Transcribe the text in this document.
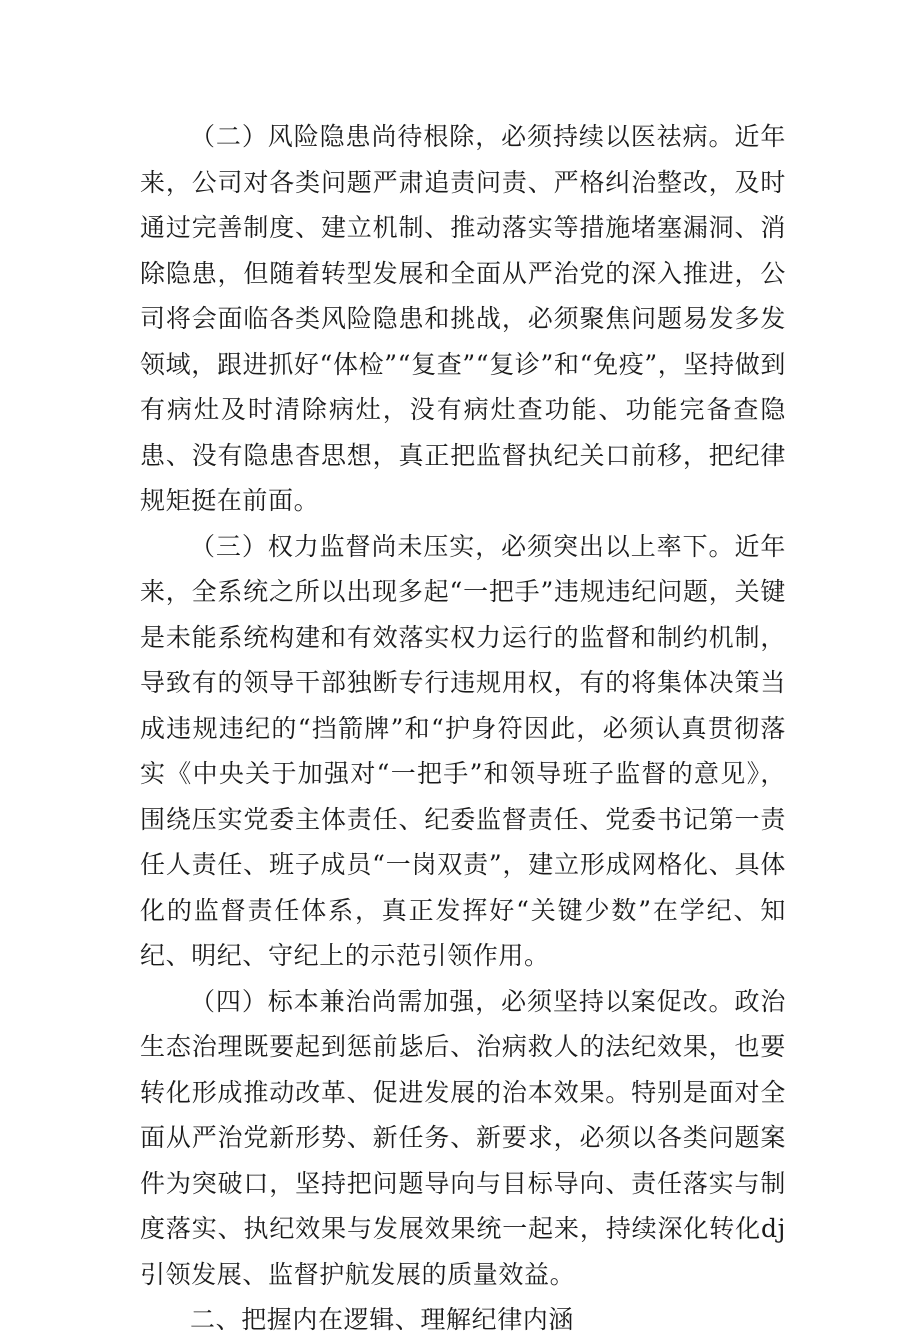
（二）风险隐患尚待根除，必须持续以医祛病。近年来，公司对各类问题严肃追责问责、严格纠治整改，及时通过完善制度、建立机制、推动落实等措施堵塞漏洞、消除隐患，但随着转型发展和全面从严治党的深入推进，公司将会面临各类风险隐患和挑战，必须聚焦问题易发多发领域，跟进抓好“体检”“复查”“复诊”和“免疫”，坚持做到有病灶及时清除病灶，没有病灶查功能、功能完备查隐患、没有隐患杳思想，真正把监督执纪关口前移，把纪律规矩挺在前面。

（三）权力监督尚未压实，必须突出以上率下。近年来，全系统之所以出现多起“一把手”违规违纪问题，关键是未能系统构建和有效落实权力运行的监督和制约机制，导致有的领导干部独断专行违规用权，有的将集体决策当成违规违纪的“挡箭牌”和“护身符因此，必须认真贯彻落实《中央关于加强对“一把手”和领导班子监督的意见》，围绕压实党委主体责任、纪委监督责任、党委书记第一责任人责任、班子成员“一岗双责”，建立形成网格化、具体化的监督责任体系，真正发挥好“关键少数”在学纪、知纪、明纪、守纪上的示范引领作用。

（四）标本兼治尚需加强，必须坚持以案促改。政治生态治理既要起到惩前毖后、治病救人的法纪效果，也要转化形成推动改革、促进发展的治本效果。特别是面对全面从严治党新形势、新任务、新要求，必须以各类问题案件为突破口，坚持把问题导向与目标导向、责任落实与制度落实、执纪效果与发展效果统一起来，持续深化转化dj引领发展、监督护航发展的质量效益。

二、把握内在逻辑、理解纪律内涵
